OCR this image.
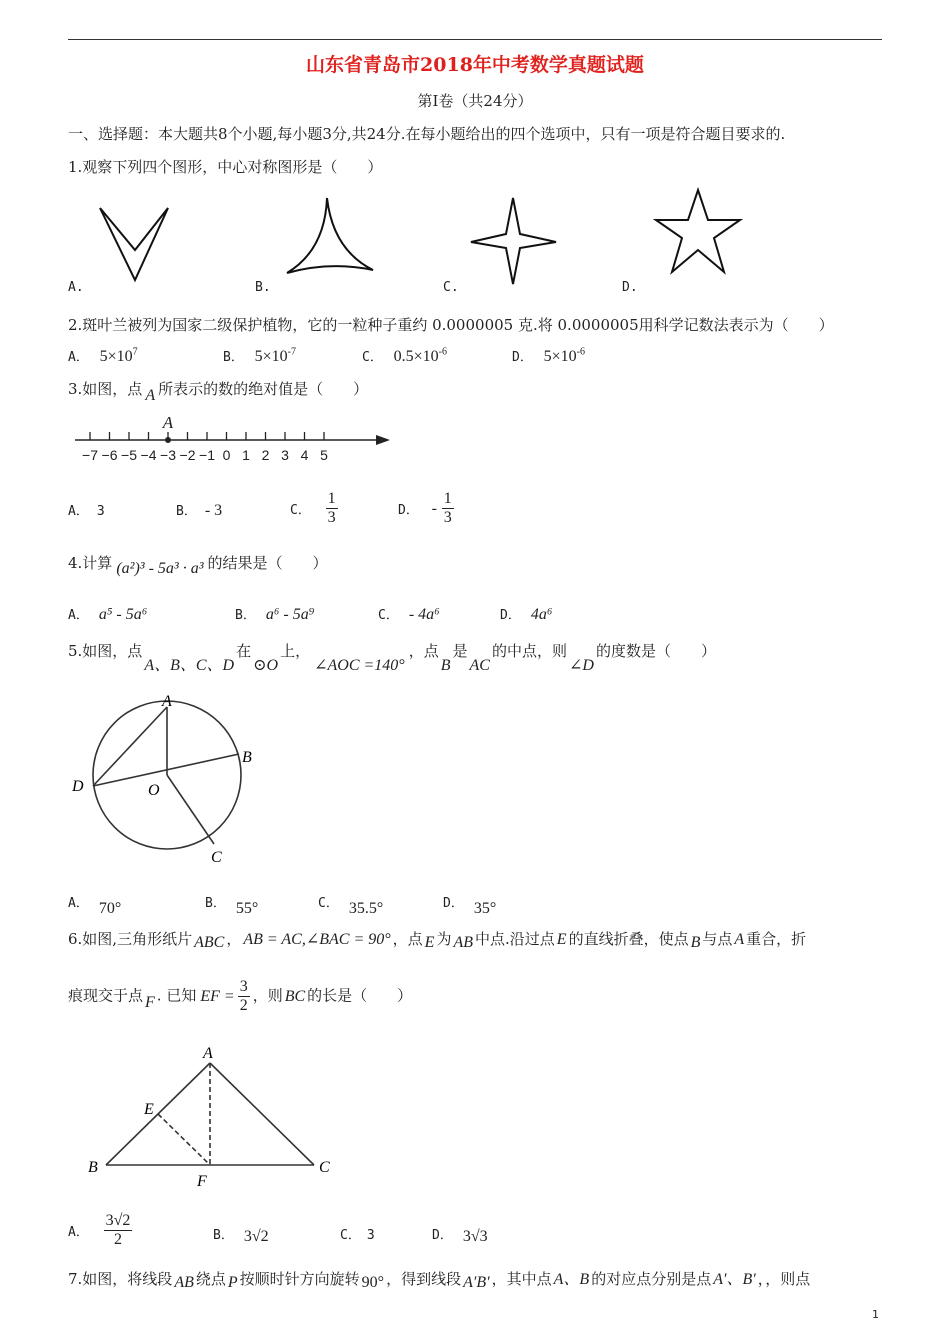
山东省青岛市2018年中考数学真题试题
第Ⅰ卷（共24分）
一、选择题：本大题共8个小题,每小题3分,共24分.在每小题给出的四个选项中，只有一项是符合题目要求的.
1.观察下列四个图形，中心对称图形是（　　）
A.	B.	C.	D.
2.斑叶兰被列为国家二级保护植物，它的一粒种子重约 0.0000005 克.将 0.0000005用科学记数法表示为（　　）
A． $5\times 10^7$	B． $5\times 10^{-7}$	C． $0.5\times 10^{-6}$	D． $5\times 10^{-6}$
3.如图，点 A 所表示的数的绝对值是（　　）
−7 −6 −5 −4 −3 −2 −1 0 1 2 3 4 5
A
A． 3	B． - 3	C． $\frac{1}{3}$	D． - $\frac{1}{3}$
4.计算 (a²)³ - 5a³ · a³ 的结果是（　　）
A． a⁵ - 5a⁶	B． a⁶ - 5a⁹	C． - 4a⁶	D． 4a⁶
5.如图，点A、B、C、D在⊙O上，∠AOC =140°，点B是AC的中点，则∠D的度数是（　　）
A
B
C
D	O
A． 70°	B． 55°	C． 35.5°	D． 35°
6.如图,三角形纸片 ABC ， AB = AC,∠BAC = 90° ，点 E 为 AB 中点.沿过点 E 的直线折叠，使点 B 与点 A 重合，折
痕现交于点 F . 已知 EF = $\frac{3}{2}$ ，则 BC 的长是（　　）
A
B	C
E
F
A． $\frac{3√2}{2}$	B． 3√2	C． 3	D． 3√3
7.如图，将线段 AB 绕点 P 按顺时针方向旋转 90° ，得到线段 A′B′ ，其中点 A、B 的对应点分别是点 A′、B′ ，，则点
1
